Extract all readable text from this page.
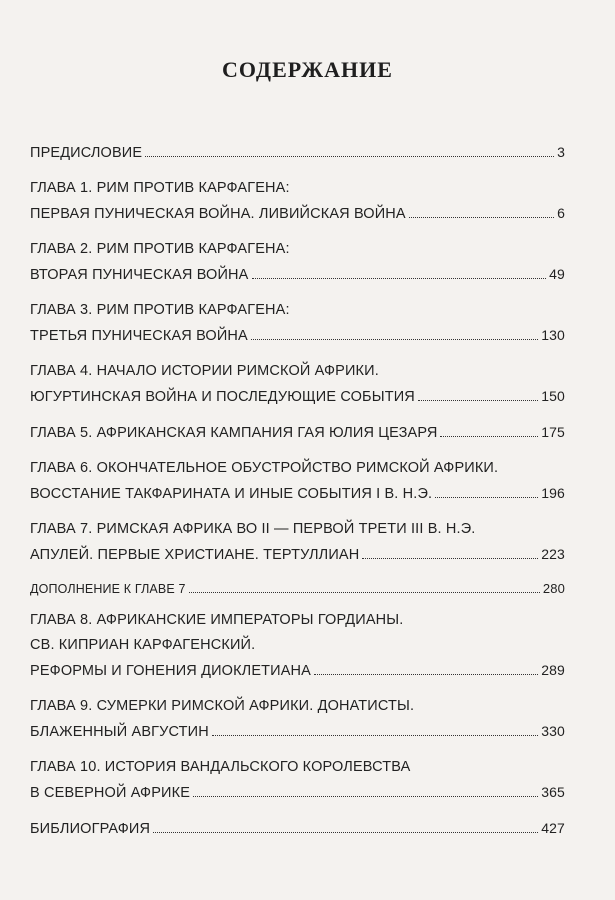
СОДЕРЖАНИЕ
ПРЕДИСЛОВИЕ	3
ГЛАВА 1. РИМ ПРОТИВ КАРФАГЕНА:
ПЕРВАЯ ПУНИЧЕСКАЯ ВОЙНА. ЛИВИЙСКАЯ ВОЙНА	6
ГЛАВА 2. РИМ ПРОТИВ КАРФАГЕНА:
ВТОРАЯ ПУНИЧЕСКАЯ ВОЙНА	49
ГЛАВА 3. РИМ ПРОТИВ КАРФАГЕНА:
ТРЕТЬЯ ПУНИЧЕСКАЯ ВОЙНА	130
ГЛАВА 4. НАЧАЛО ИСТОРИИ РИМСКОЙ АФРИКИ.
ЮГУРТИНСКАЯ ВОЙНА И ПОСЛЕДУЮЩИЕ СОБЫТИЯ	150
ГЛАВА 5. АФРИКАНСКАЯ КАМПАНИЯ ГАЯ ЮЛИЯ ЦЕЗАРЯ	175
ГЛАВА 6. ОКОНЧАТЕЛЬНОЕ ОБУСТРОЙСТВО РИМСКОЙ АФРИКИ.
ВОССТАНИЕ ТАКФАРИНАТА И ИНЫЕ СОБЫТИЯ I В. Н.Э.	196
ГЛАВА 7. РИМСКАЯ АФРИКА ВО II — ПЕРВОЙ ТРЕТИ III В. Н.Э.
АПУЛЕЙ. ПЕРВЫЕ ХРИСТИАНЕ. ТЕРТУЛЛИАН	223
ДОПОЛНЕНИЕ К ГЛАВЕ 7	280
ГЛАВА 8. АФРИКАНСКИЕ ИМПЕРАТОРЫ ГОРДИАНЫ.
СВ. КИПРИАН КАРФАГЕНСКИЙ.
РЕФОРМЫ И ГОНЕНИЯ ДИОКЛЕТИАНА	289
ГЛАВА 9. СУМЕРКИ РИМСКОЙ АФРИКИ. ДОНАТИСТЫ.
БЛАЖЕННЫЙ АВГУСТИН	330
ГЛАВА 10. ИСТОРИЯ ВАНДАЛЬСКОГО КОРОЛЕВСТВА
В СЕВЕРНОЙ АФРИКЕ	365
БИБЛИОГРАФИЯ	427
